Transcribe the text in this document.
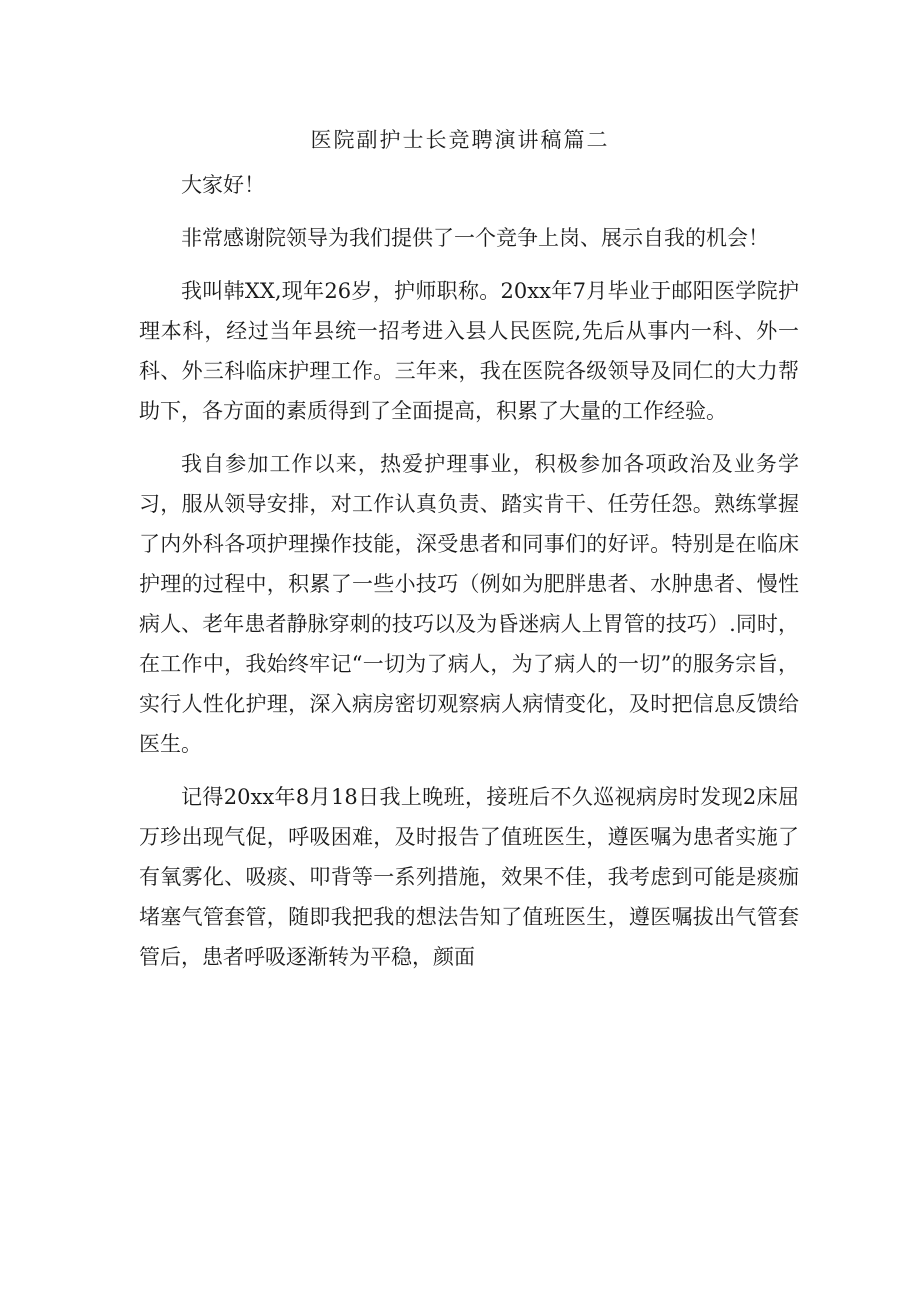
医院副护士长竞聘演讲稿篇二

大家好！

非常感谢院领导为我们提供了一个竞争上岗、展示自我的机会！

我叫韩XX,现年26岁，护师职称。20xx年7月毕业于邮阳医学院护理本科，经过当年县统一招考进入县人民医院,先后从事内一科、外一科、外三科临床护理工作。三年来，我在医院各级领导及同仁的大力帮助下，各方面的素质得到了全面提高，积累了大量的工作经验。

我自参加工作以来，热爱护理事业，积极参加各项政治及业务学习，服从领导安排，对工作认真负责、踏实肯干、任劳任怨。熟练掌握了内外科各项护理操作技能，深受患者和同事们的好评。特别是在临床护理的过程中，积累了一些小技巧（例如为肥胖患者、水肿患者、慢性病人、老年患者静脉穿刺的技巧以及为昏迷病人上胃管的技巧）.同时，在工作中，我始终牢记“一切为了病人，为了病人的一切”的服务宗旨，实行人性化护理，深入病房密切观察病人病情变化，及时把信息反馈给医生。

记得20xx年8月18日我上晚班，接班后不久巡视病房时发现2床屈万珍出现气促，呼吸困难，及时报告了值班医生，遵医嘱为患者实施了有氧雾化、吸痰、叩背等一系列措施，效果不佳，我考虑到可能是痰痂堵塞气管套管，随即我把我的想法告知了值班医生，遵医嘱拔出气管套管后，患者呼吸逐渐转为平稳，颜面
